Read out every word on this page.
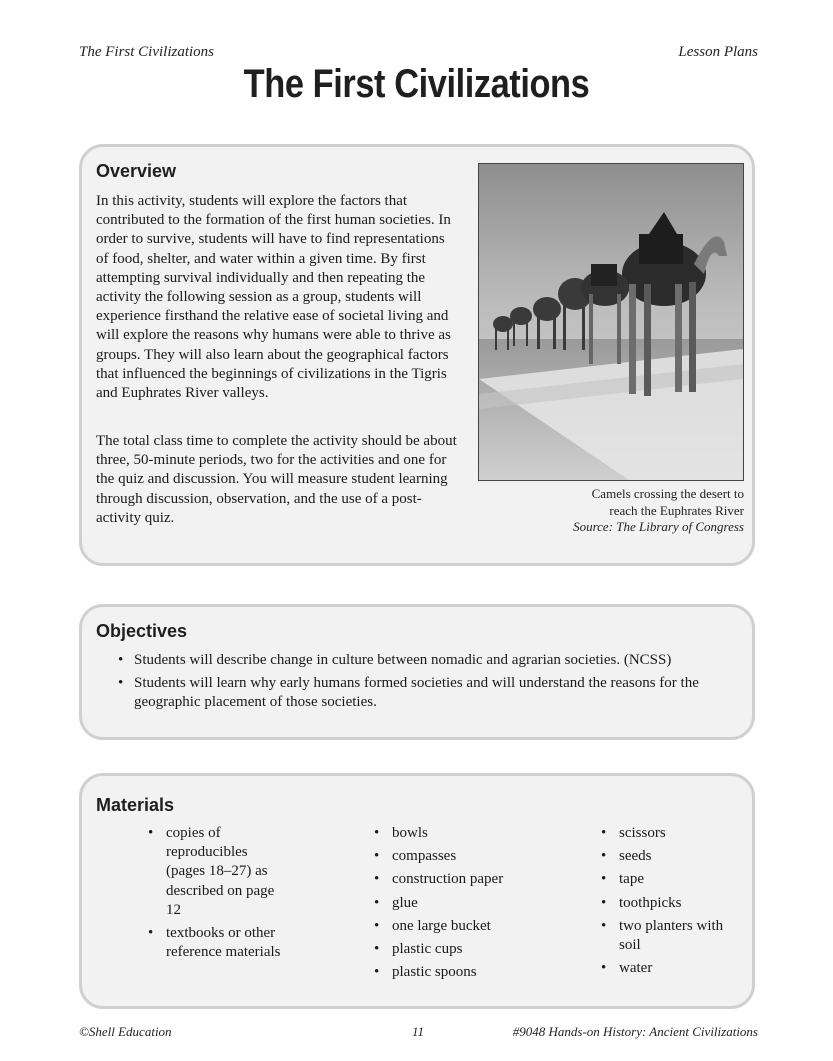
The First Civilizations	Lesson Plans
The First Civilizations
Overview

In this activity, students will explore the factors that contributed to the formation of the first human societies. In order to survive, students will have to find representations of food, shelter, and water within a given time. By first attempting survival individually and then repeating the activity the following session as a group, students will experience firsthand the relative ease of societal living and will explore the reasons why humans were able to thrive as groups. They will also learn about the geographical factors that influenced the beginnings of civilizations in the Tigris and Euphrates River valleys.

The total class time to complete the activity should be about three, 50-minute periods, two for the activities and one for the quiz and discussion. You will measure student learning through discussion, observation, and the use of a post-activity quiz.

Camels crossing the desert to
reach the Euphrates River
Source: The Library of Congress
Objectives
• Students will describe change in culture between nomadic and agrarian societies. (NCSS)
• Students will learn why early humans formed societies and will understand the reasons for the geographic placement of those societies.
Materials
• copies of reproducibles (pages 18–27) as described on page 12
• textbooks or other reference materials
• bowls
• compasses
• construction paper
• glue
• one large bucket
• plastic cups
• plastic spoons
• scissors
• seeds
• tape
• toothpicks
• two planters with soil
• water
©Shell Education	11	#9048 Hands-on History: Ancient Civilizations
